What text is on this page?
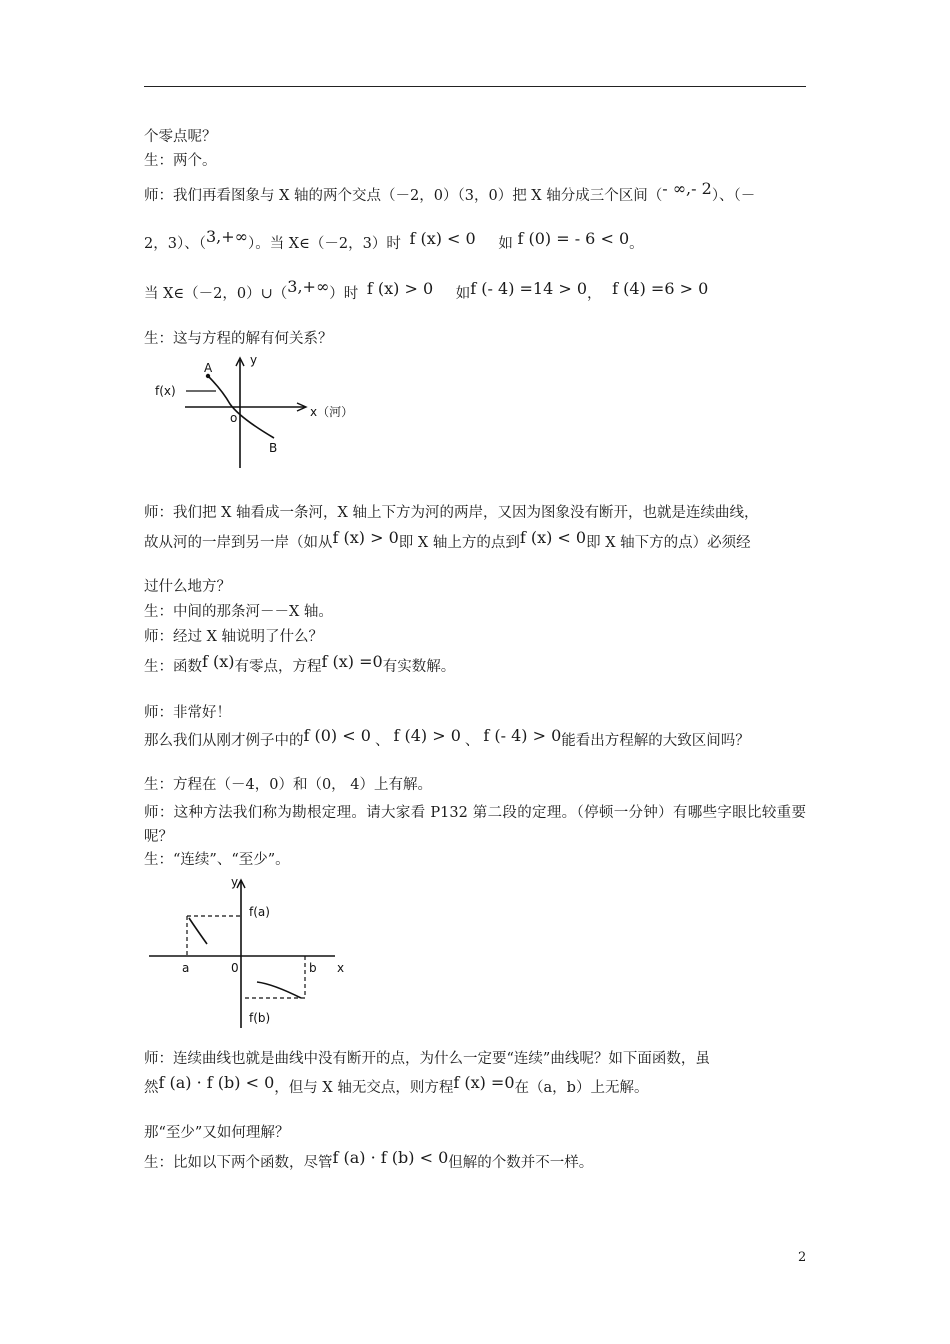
个零点呢？
生：两个。
师：我们再看图象与 X 轴的两个交点（－2，0）（3，0）把 X 轴分成三个区间（- ∞,- 2）、（－
2，3）、（3,+∞）。当 X∈（－2，3）时 f (x) < 0 如 f (0) = - 6 < 0。
当 X∈（－2，0）∪（3,+∞）时 f (x) > 0 如f (- 4) =14 > 0， f (4) =6 > 0
生：这与方程的解有何关系？
f(x)
A
B
y
o	x（河）
师：我们把 X 轴看成一条河，X 轴上下方为河的两岸，又因为图象没有断开，也就是连续曲线，
故从河的一岸到另一岸（如从f (x) > 0即 X 轴上方的点到f (x) < 0即 X 轴下方的点）必须经
过什么地方？
生：中间的那条河－－X 轴。
师：经过 X 轴说明了什么？
生：函数f (x)有零点，方程f (x) =0有实数解。
师：非常好！
那么我们从刚才例子中的f (0) < 0 、 f (4) > 0 、 f (- 4) > 0能看出方程解的大致区间吗？
生：方程在（－4，0）和（0， 4）上有解。
师：这种方法我们称为勘根定理。请大家看 P132 第二段的定理。（停顿一分钟）有哪些字眼比较重要呢？
生：“连续”、“至少”。
y
f(a)
a	0	b x
f(b)
师：连续曲线也就是曲线中没有断开的点，为什么一定要“连续”曲线呢？如下面函数，虽
然f (a) · f (b) < 0，但与 X 轴无交点，则方程f (x) =0在（a，b）上无解。
那“至少”又如何理解？
生：比如以下两个函数，尽管f (a) · f (b) < 0但解的个数并不一样。
2
